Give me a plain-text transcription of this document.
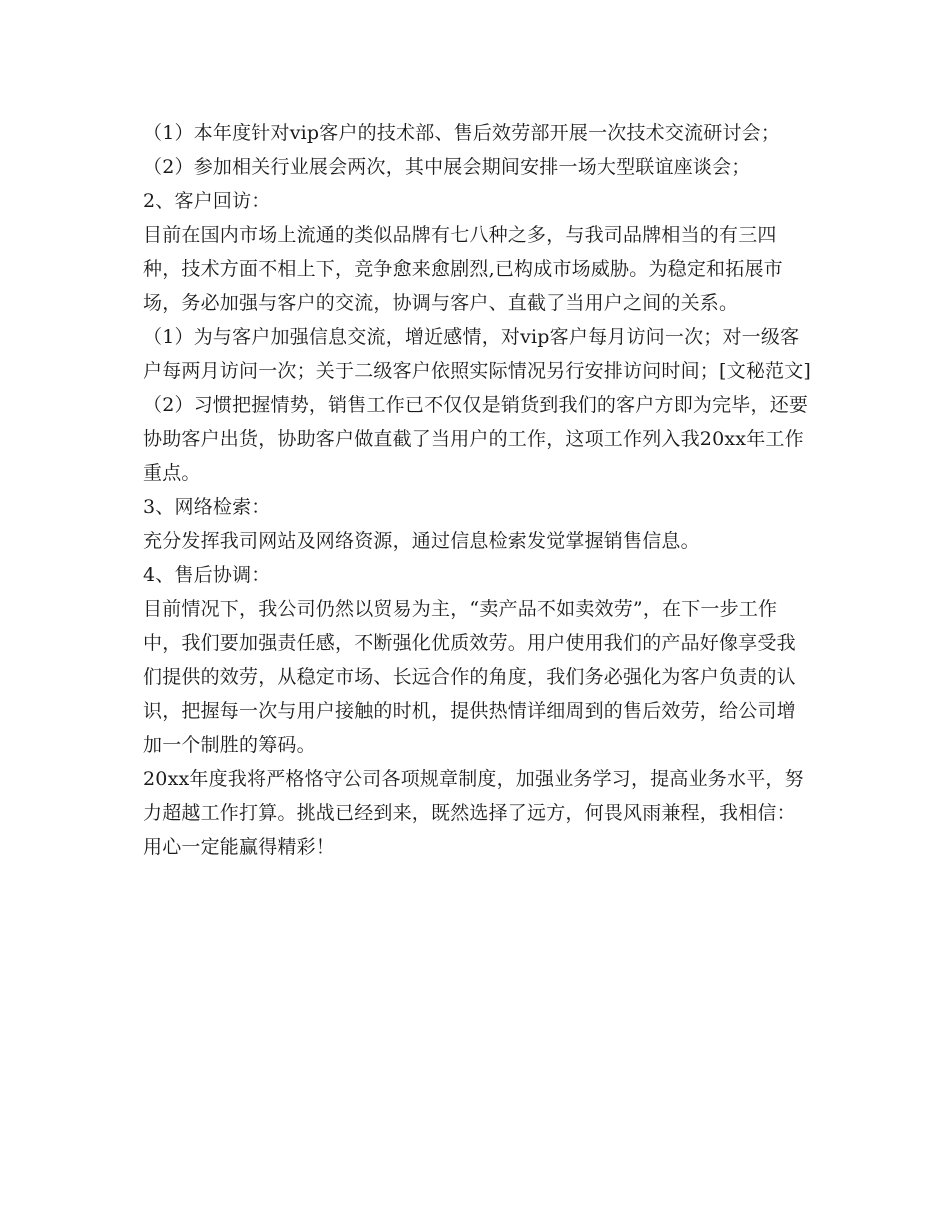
（1）本年度针对vip客户的技术部、售后效劳部开展一次技术交流研讨会；

（2）参加相关行业展会两次，其中展会期间安排一场大型联谊座谈会；

2、客户回访：

目前在国内市场上流通的类似品牌有七八种之多，与我司品牌相当的有三四种，技术方面不相上下，竞争愈来愈剧烈,已构成市场威胁。为稳定和拓展市场，务必加强与客户的交流，协调与客户、直截了当用户之间的关系。

（1）为与客户加强信息交流，增近感情，对vip客户每月访问一次；对一级客户每两月访问一次；关于二级客户依照实际情况另行安排访问时间；[文秘范文]

（2）习惯把握情势，销售工作已不仅仅是销货到我们的客户方即为完毕，还要协助客户出货，协助客户做直截了当用户的工作，这项工作列入我20xx年工作重点。

3、网络检索：

充分发挥我司网站及网络资源，通过信息检索发觉掌握销售信息。

4、售后协调：

目前情况下，我公司仍然以贸易为主，“卖产品不如卖效劳”，在下一步工作中，我们要加强责任感，不断强化优质效劳。用户使用我们的产品好像享受我们提供的效劳，从稳定市场、长远合作的角度，我们务必强化为客户负责的认识，把握每一次与用户接触的时机，提供热情详细周到的售后效劳，给公司增加一个制胜的筹码。

20xx年度我将严格恪守公司各项规章制度，加强业务学习，提高业务水平，努力超越工作打算。挑战已经到来，既然选择了远方，何畏风雨兼程，我相信：用心一定能赢得精彩！
